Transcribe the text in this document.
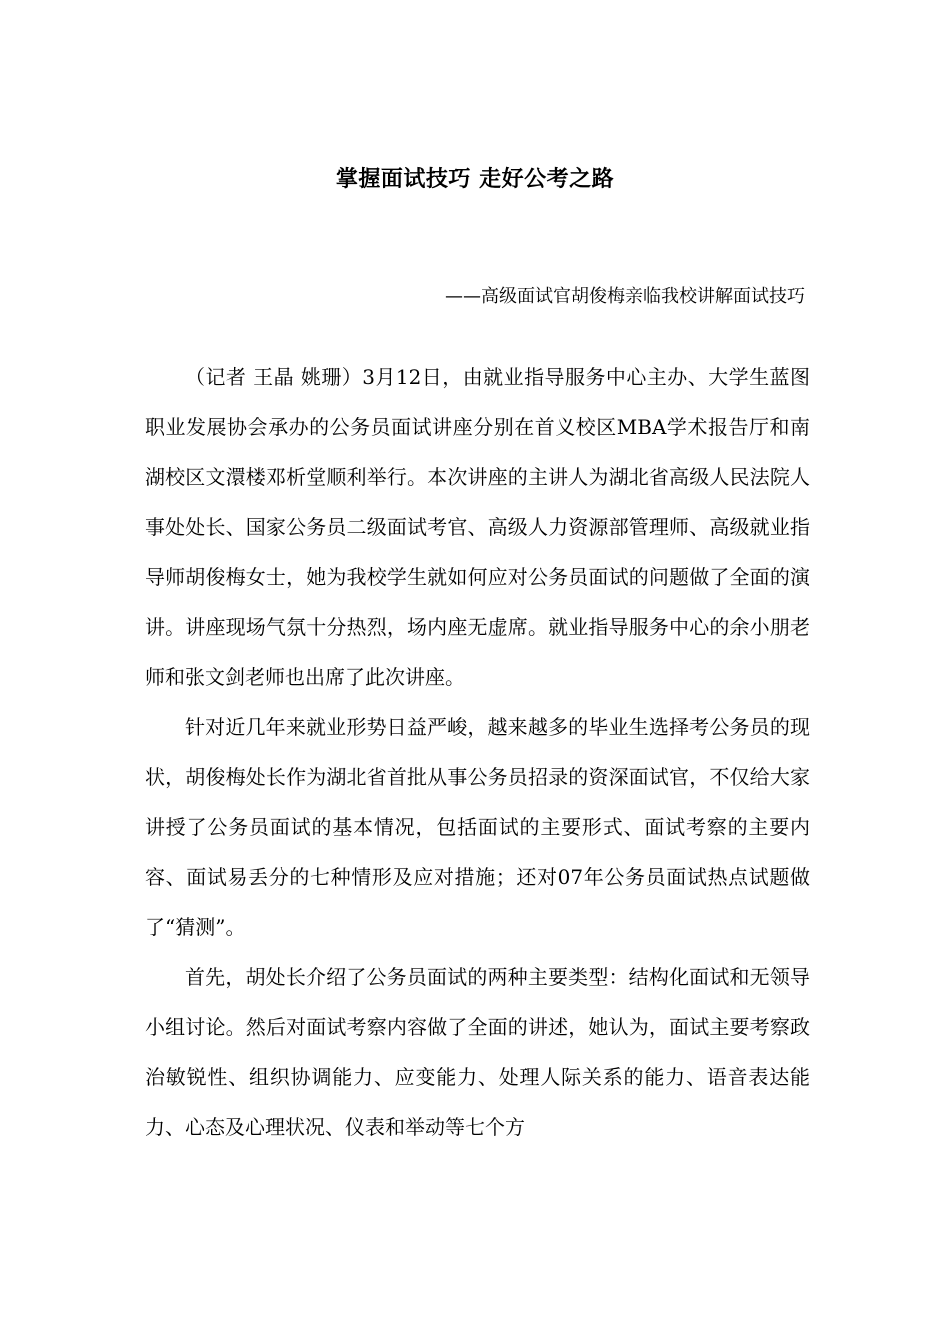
掌握面试技巧 走好公考之路
——高级面试官胡俊梅亲临我校讲解面试技巧

（记者 王晶 姚珊）3月12日，由就业指导服务中心主办、大学生蓝图职业发展协会承办的公务员面试讲座分别在首义校区MBA学术报告厅和南湖校区文澴楼邓析堂顺利举行。本次讲座的主讲人为湖北省高级人民法院人事处处长、国家公务员二级面试考官、高级人力资源部管理师、高级就业指导师胡俊梅女士，她为我校学生就如何应对公务员面试的问题做了全面的演讲。讲座现场气氛十分热烈，场内座无虚席。就业指导服务中心的余小朋老师和张文剑老师也出席了此次讲座。

针对近几年来就业形势日益严峻，越来越多的毕业生选择考公务员的现状，胡俊梅处长作为湖北省首批从事公务员招录的资深面试官，不仅给大家讲授了公务员面试的基本情况，包括面试的主要形式、面试考察的主要内容、面试易丢分的七种情形及应对措施；还对07年公务员面试热点试题做了“猜测”。

首先，胡处长介绍了公务员面试的两种主要类型：结构化面试和无领导小组讨论。然后对面试考察内容做了全面的讲述，她认为，面试主要考察政治敏锐性、组织协调能力、应变能力、处理人际关系的能力、语音表达能力、心态及心理状况、仪表和举动等七个方
